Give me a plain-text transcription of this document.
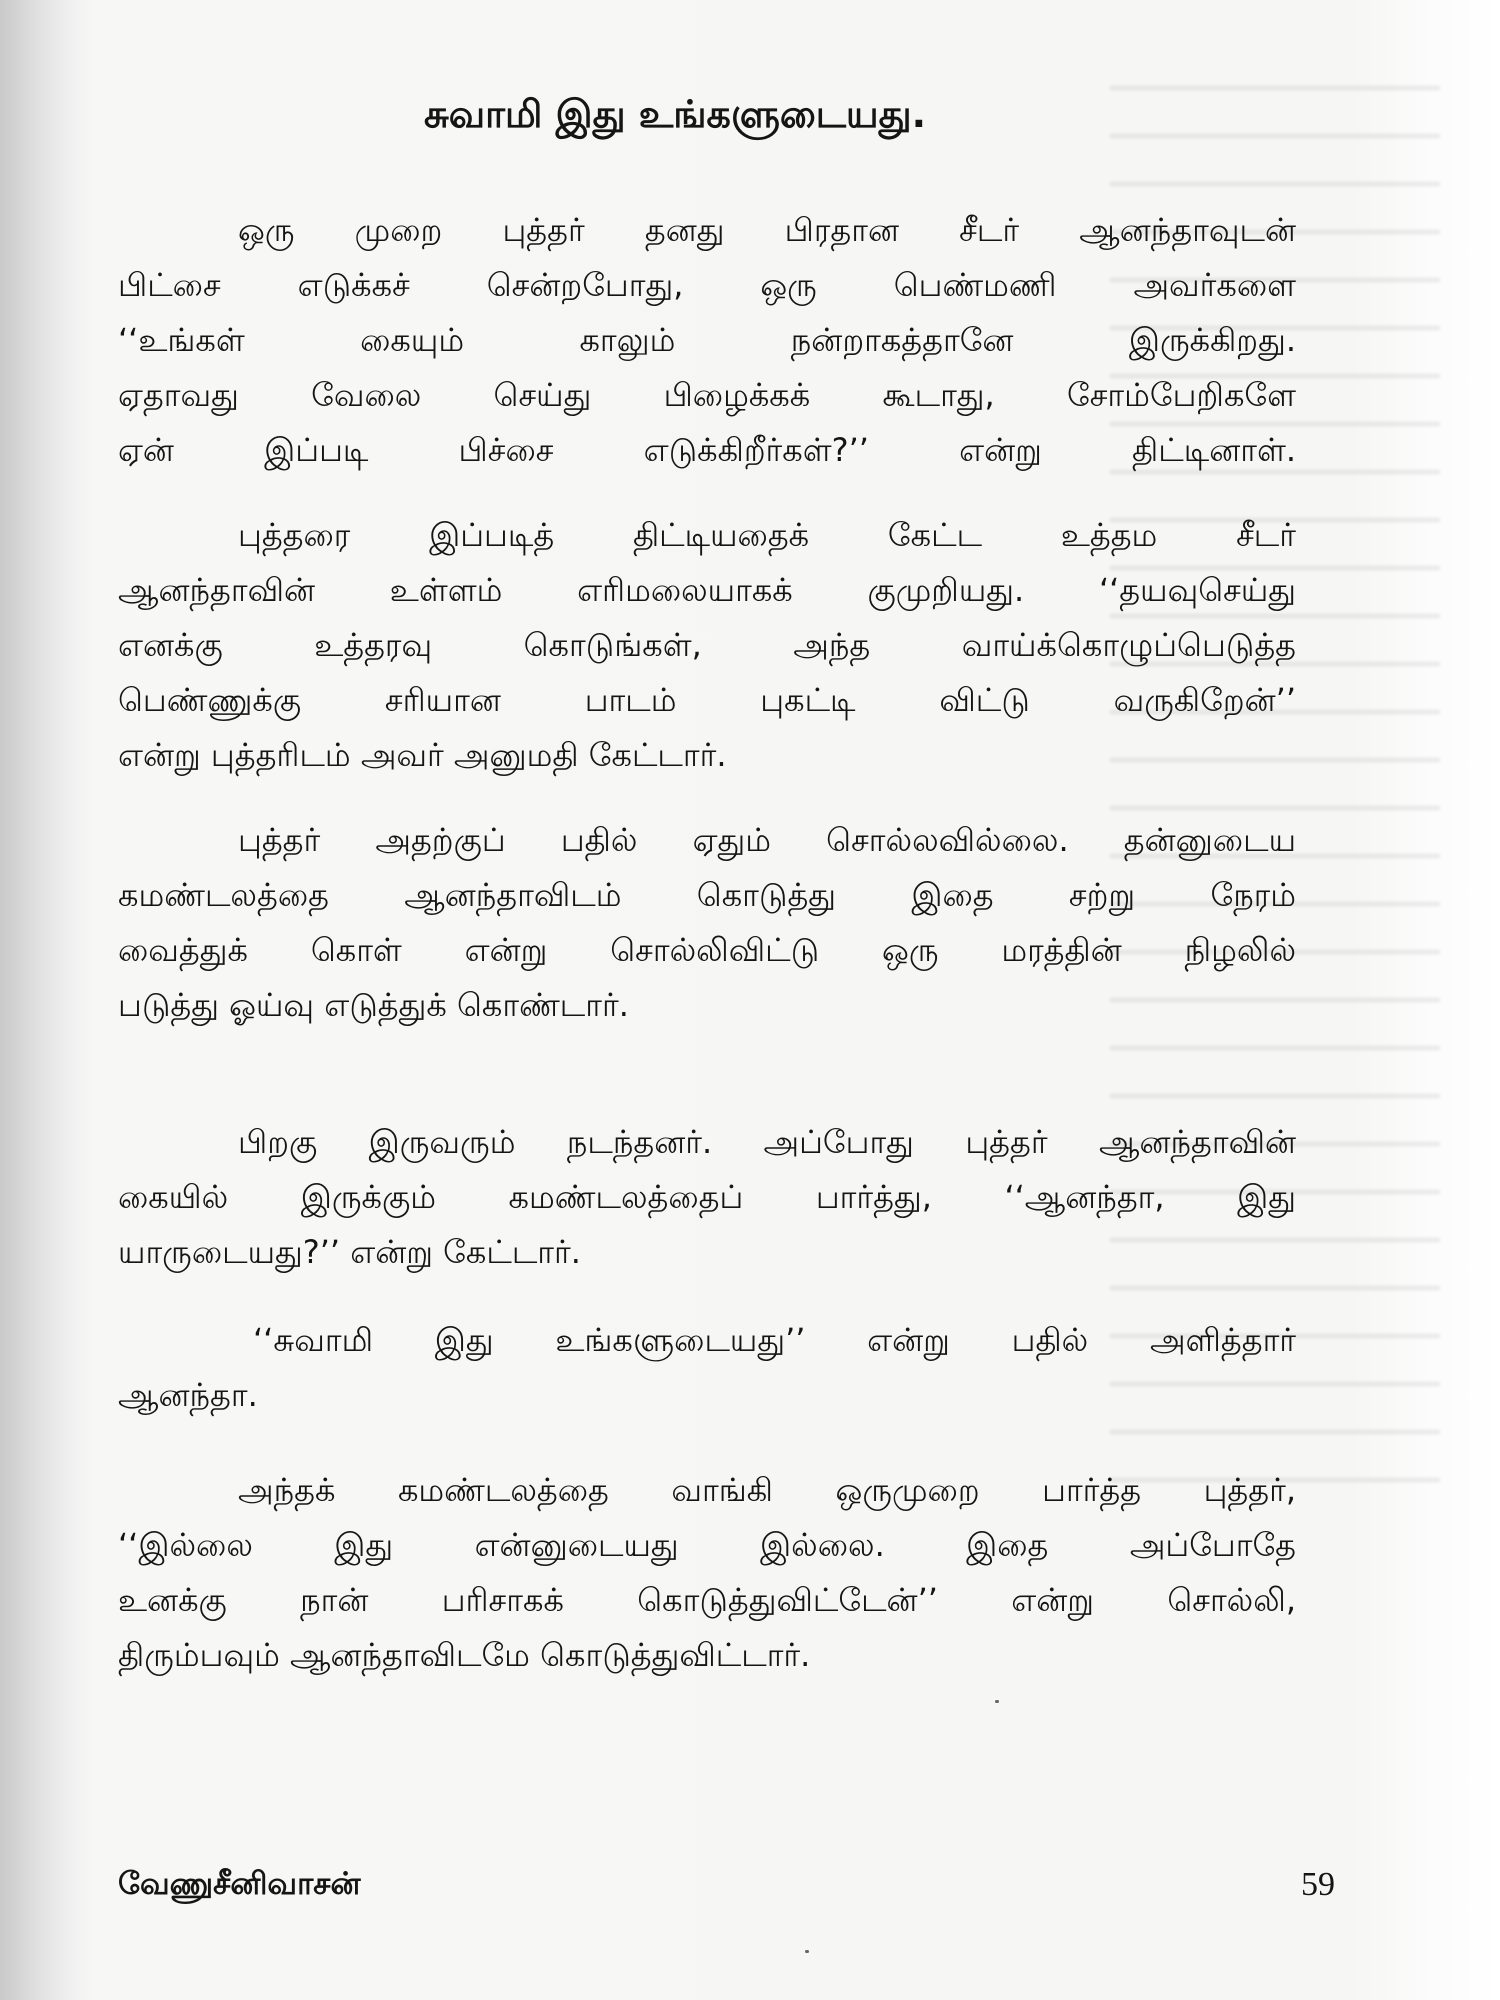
சுவாமி இது உங்களுடையது.

ஒரு முறை புத்தர் தனது பிரதான சீடர் ஆனந்தாவுடன்

பிட்சை எடுக்கச் சென்றபோது, ஒரு பெண்மணி அவர்களை

‘‘உங்கள் கையும் காலும் நன்றாகத்தானே இருக்கிறது.

ஏதாவது வேலை செய்து பிழைக்கக் கூடாது, சோம்பேறிகளே

ஏன் இப்படி பிச்சை எடுக்கிறீர்கள்?’’ என்று திட்டினாள்.

புத்தரை இப்படித் திட்டியதைக் கேட்ட உத்தம சீடர்

ஆனந்தாவின் உள்ளம் எரிமலையாகக் குமுறியது. ‘‘தயவுசெய்து

எனக்கு உத்தரவு கொடுங்கள், அந்த வாய்க்கொழுப்பெடுத்த

பெண்ணுக்கு சரியான பாடம் புகட்டி விட்டு வருகிறேன்’’

என்று புத்தரிடம் அவர் அனுமதி கேட்டார்.

புத்தர் அதற்குப் பதில் ஏதும் சொல்லவில்லை. தன்னுடைய

கமண்டலத்தை ஆனந்தாவிடம் கொடுத்து இதை சற்று நேரம்

வைத்துக் கொள் என்று சொல்லிவிட்டு ஒரு மரத்தின் நிழலில்

படுத்து ஓய்வு எடுத்துக் கொண்டார்.

பிறகு இருவரும் நடந்தனர். அப்போது புத்தர் ஆனந்தாவின்

கையில் இருக்கும் கமண்டலத்தைப் பார்த்து, ‘‘ஆனந்தா, இது

யாருடையது?’’ என்று கேட்டார்.

‘‘சுவாமி இது உங்களுடையது’’ என்று பதில் அளித்தார்

ஆனந்தா.

அந்தக் கமண்டலத்தை வாங்கி ஒருமுறை பார்த்த புத்தர்,

‘‘இல்லை இது என்னுடையது இல்லை. இதை அப்போதே

உனக்கு நான் பரிசாகக் கொடுத்துவிட்டேன்’’ என்று சொல்லி,

திரும்பவும் ஆனந்தாவிடமே கொடுத்துவிட்டார்.

வேணுசீனிவாசன்	59
